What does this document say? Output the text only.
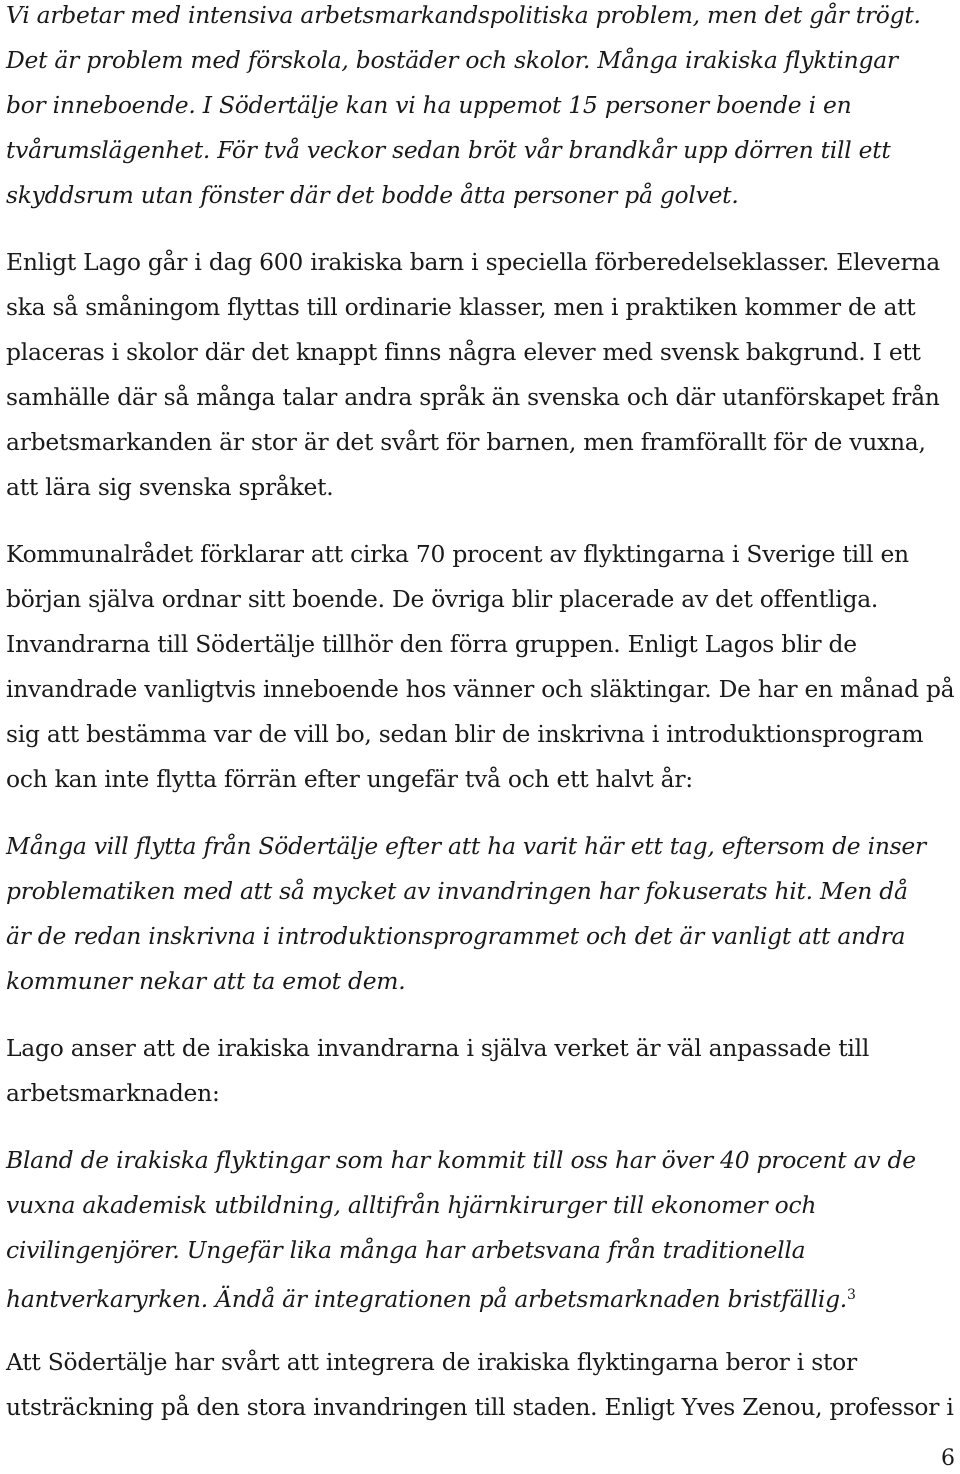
Vi arbetar med intensiva arbetsmarkandspolitiska problem, men det går trögt.
Det är problem med förskola, bostäder och skolor. Många irakiska flyktingar
bor inneboende. I Södertälje kan vi ha uppemot 15 personer boende i en
tvårumslägenhet. För två veckor sedan bröt vår brandkår upp dörren till ett
skyddsrum utan fönster där det bodde åtta personer på golvet.
Enligt Lago går i dag 600 irakiska barn i speciella förberedelseklasser. Eleverna
ska så småningom flyttas till ordinarie klasser, men i praktiken kommer de att
placeras i skolor där det knappt finns några elever med svensk bakgrund. I ett
samhälle där så många talar andra språk än svenska och där utanförskapet från
arbetsmarkanden är stor är det svårt för barnen, men framförallt för de vuxna,
att lära sig svenska språket.
Kommunalrådet förklarar att cirka 70 procent av flyktingarna i Sverige till en
början själva ordnar sitt boende. De övriga blir placerade av det offentliga.
Invandrarna till Södertälje tillhör den förra gruppen. Enligt Lagos blir de
invandrade vanligtvis inneboende hos vänner och släktingar. De har en månad på
sig att bestämma var de vill bo, sedan blir de inskrivna i introduktionsprogram
och kan inte flytta förrän efter ungefär två och ett halvt år:
Många vill flytta från Södertälje efter att ha varit här ett tag, eftersom de inser
problematiken med att så mycket av invandringen har fokuserats hit. Men då
är de redan inskrivna i introduktionsprogrammet och det är vanligt att andra
kommuner nekar att ta emot dem.
Lago anser att de irakiska invandrarna i själva verket är väl anpassade till
arbetsmarknaden:
Bland de irakiska flyktingar som har kommit till oss har över 40 procent av de
vuxna akademisk utbildning, alltifrån hjärnkirurger till ekonomer och
civilingenjörer. Ungefär lika många har arbetsvana från traditionella
hantverkaryrken. Ändå är integrationen på arbetsmarknaden bristfällig.$^3$
Att Södertälje har svårt att integrera de irakiska flyktingarna beror i stor
utsträckning på den stora invandringen till staden. Enligt Yves Zenou, professor i
6
